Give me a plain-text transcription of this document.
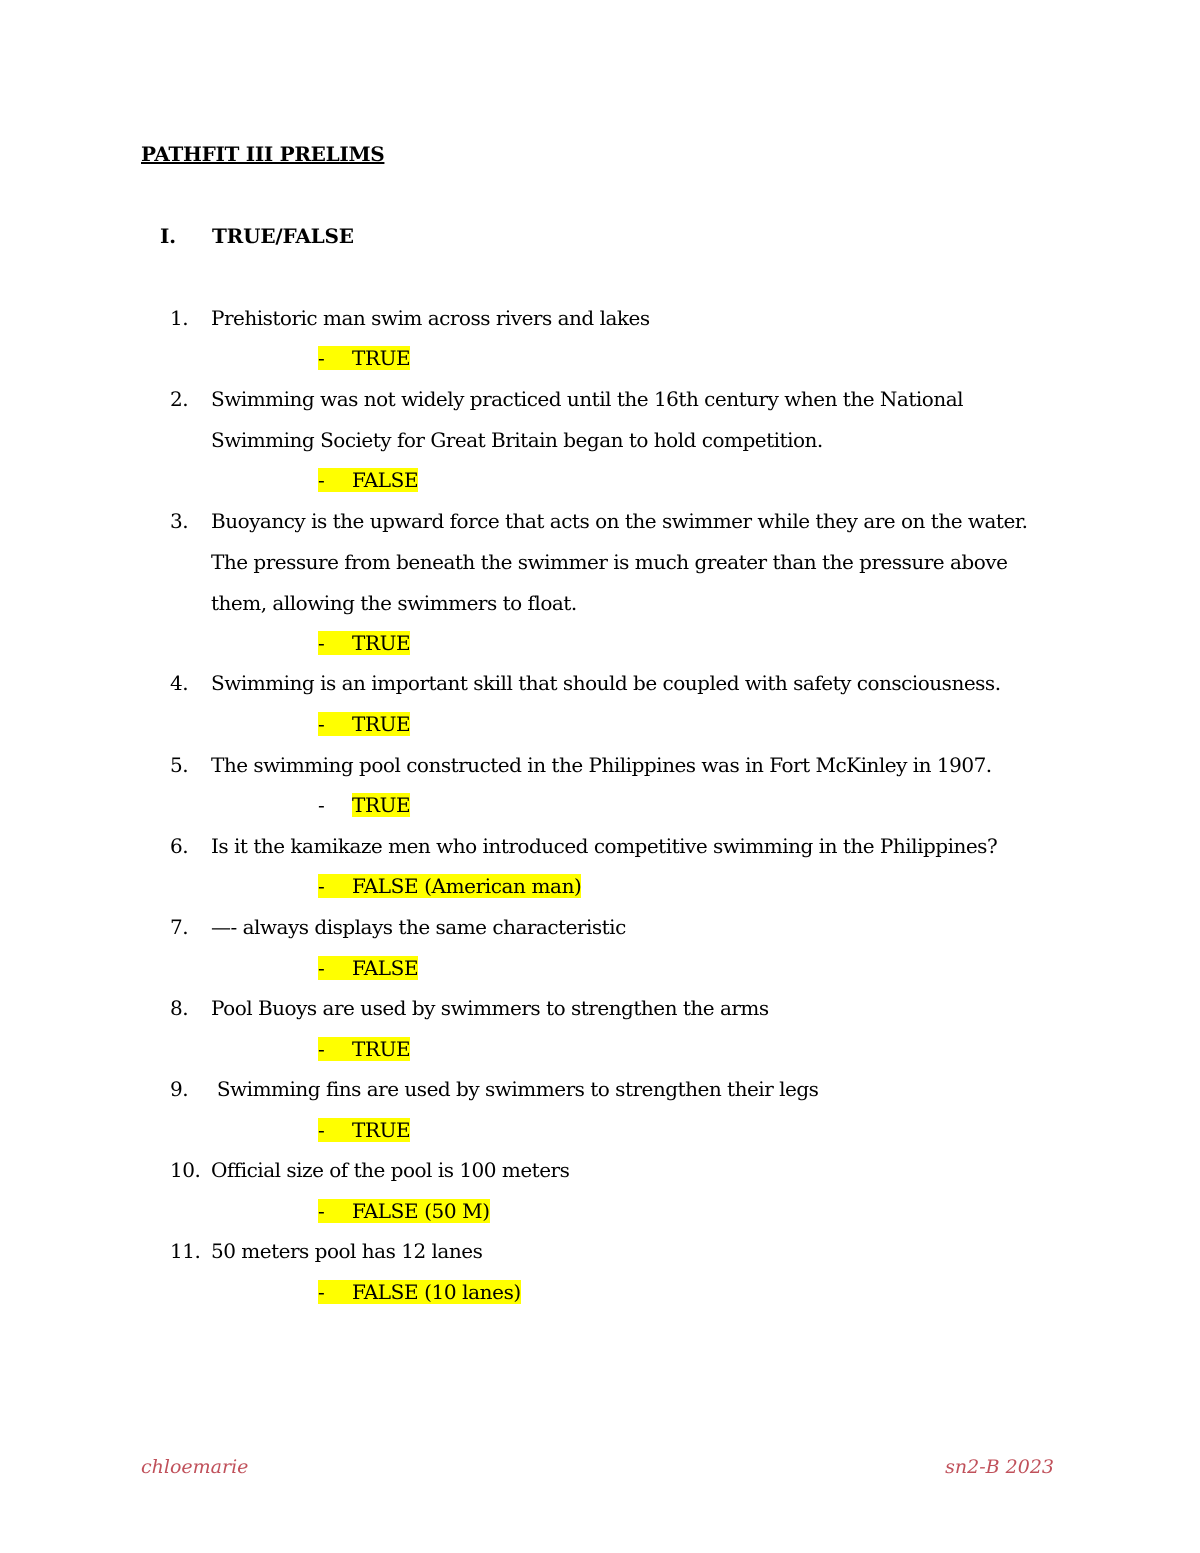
PATHFIT III PRELIMS
I. TRUE/FALSE
1. Prehistoric man swim across rivers and lakes
- TRUE
2. Swimming was not widely practiced until the 16th century when the National Swimming Society for Great Britain began to hold competition.
- FALSE
3. Buoyancy is the upward force that acts on the swimmer while they are on the water. The pressure from beneath the swimmer is much greater than the pressure above them, allowing the swimmers to float.
- TRUE
4. Swimming is an important skill that should be coupled with safety consciousness.
- TRUE
5. The swimming pool constructed in the Philippines was in Fort McKinley in 1907.
- TRUE
6. Is it the kamikaze men who introduced competitive swimming in the Philippines?
- FALSE (American man)
7. —- always displays the same characteristic
- FALSE
8. Pool Buoys are used by swimmers to strengthen the arms
- TRUE
9. Swimming fins are used by swimmers to strengthen their legs
- TRUE
10. Official size of the pool is 100 meters
- FALSE (50 M)
11. 50 meters pool has 12 lanes
- FALSE (10 lanes)
chloemarie	sn2-B 2023
